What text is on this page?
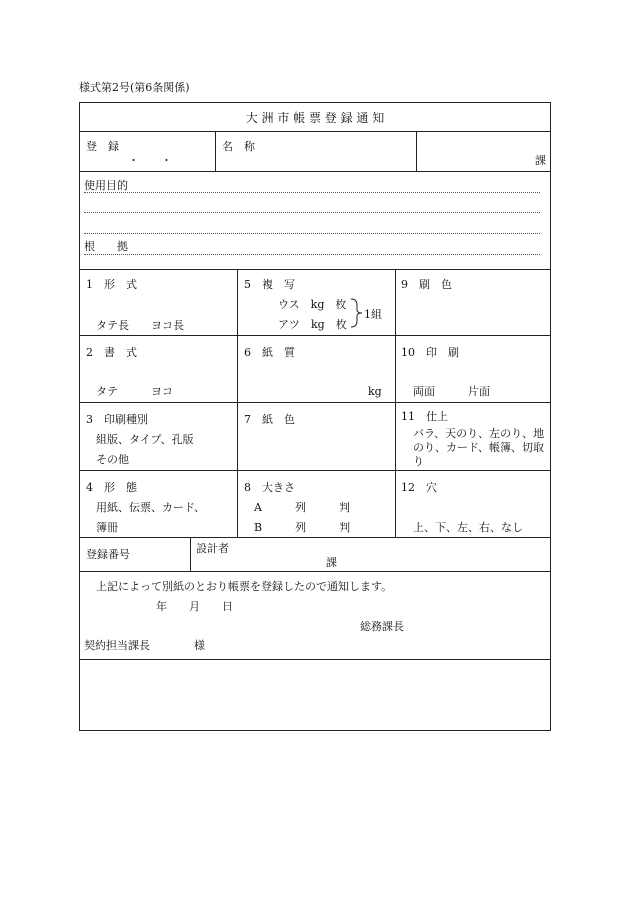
様式第2号(第6条関係)
大 洲 市 帳 票 登 録 通 知
登　録
・　　・
名　称
課
使用目的
根　　拠
1　形　式
タテ長　　ヨコ長
5　複　写
ウス　kg　枚
アツ　kg　枚
1組
9　刷　色
2　書　式
タテ　　　ヨコ
6　紙　質
kg
10　印　刷
両面　　　片面
3　印刷種別
組版、タイプ、孔版
その他
7　紙　色	11　仕上
バラ、天のり、左のり、地のり、カード、帳簿、切取り
4　形　態
用紙、伝票、カード、
簿冊
8　大きさ
A　　　列　　　判
B　　　列　　　判
12　穴
上、下、左、右、なし
登録番号	設計者
課
上記によって別紙のとおり帳票を登録したので通知します。
年　　月　　日
総務課長
契約担当課長　　　　様
